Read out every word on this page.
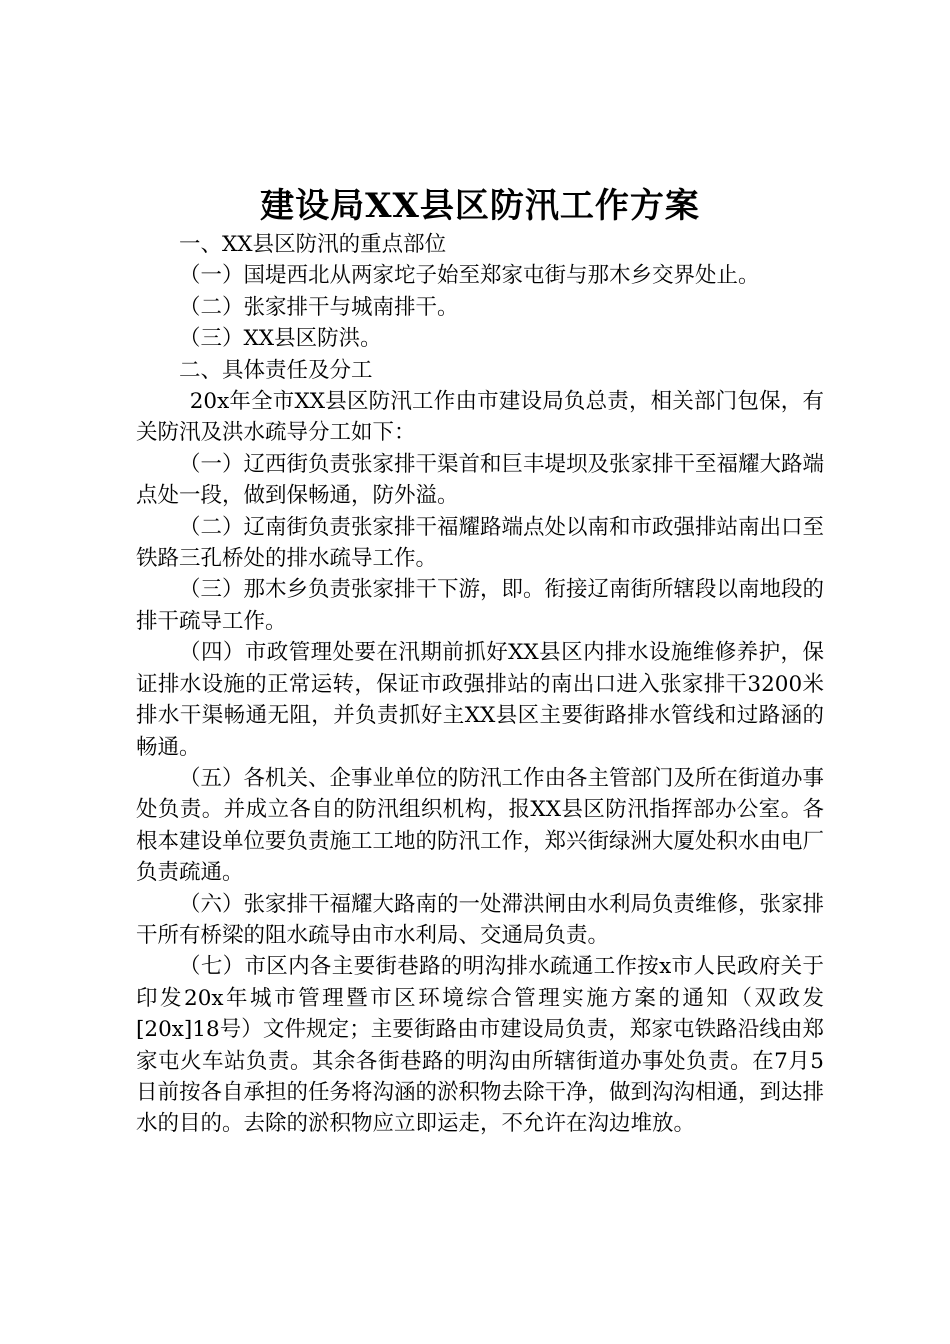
建设局XX县区防汛工作方案

一、XX县区防汛的重点部位

（一）国堤西北从两家坨子始至郑家屯街与那木乡交界处止。

（二）张家排干与城南排干。

（三）XX县区防洪。

二、具体责任及分工

20x年全市XX县区防汛工作由市建设局负总责，相关部门包保，有关防汛及洪水疏导分工如下：

（一）辽西街负责张家排干渠首和巨丰堤坝及张家排干至福耀大路端点处一段，做到保畅通，防外溢。

（二）辽南街负责张家排干福耀路端点处以南和市政强排站南出口至铁路三孔桥处的排水疏导工作。

（三）那木乡负责张家排干下游，即。衔接辽南街所辖段以南地段的排干疏导工作。

（四）市政管理处要在汛期前抓好XX县区内排水设施维修养护，保证排水设施的正常运转，保证市政强排站的南出口进入张家排干3200米排水干渠畅通无阻，并负责抓好主XX县区主要街路排水管线和过路涵的畅通。

（五）各机关、企事业单位的防汛工作由各主管部门及所在街道办事处负责。并成立各自的防汛组织机构，报XX县区防汛指挥部办公室。各根本建设单位要负责施工工地的防汛工作，郑兴街绿洲大厦处积水由电厂负责疏通。

（六）张家排干福耀大路南的一处滞洪闸由水利局负责维修，张家排干所有桥梁的阻水疏导由市水利局、交通局负责。

（七）市区内各主要街巷路的明沟排水疏通工作按x市人民政府关于印发20x年城市管理暨市区环境综合管理实施方案的通知（双政发[20x]18号）文件规定；主要街路由市建设局负责，郑家屯铁路沿线由郑家屯火车站负责。其余各街巷路的明沟由所辖街道办事处负责。在7月5日前按各自承担的任务将沟涵的淤积物去除干净，做到沟沟相通，到达排水的目的。去除的淤积物应立即运走，不允许在沟边堆放。
